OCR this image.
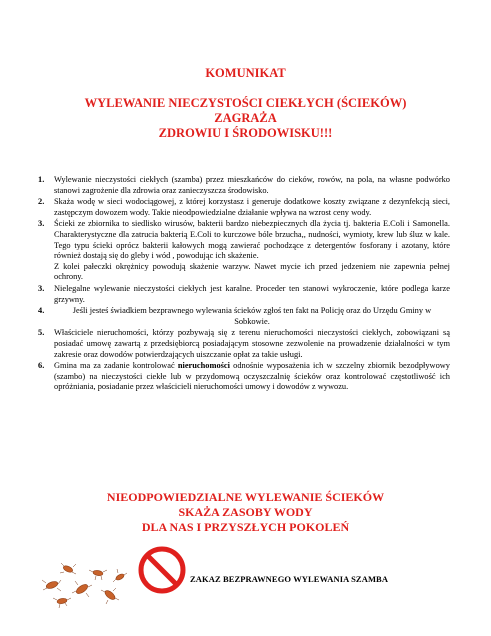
KOMUNIKAT
WYLEWANIE NIECZYSTOŚCI CIEKŁYCH (ŚCIEKÓW)
ZAGRAŻA
ZDROWIU I ŚRODOWISKU!!!
1. Wylewanie nieczystości ciekłych (szamba) przez mieszkańców do cieków, rowów, na pola, na własne podwórko stanowi zagrożenie dla zdrowia oraz zanieczyszcza środowisko.

2. Skaża wodę w sieci wodociągowej, z której korzystasz i generuje dodatkowe koszty związane z dezynfekcją sieci, zastępczym dowozem wody. Takie nieodpowiedzialne działanie wpływa na wzrost ceny wody.

3. Ścieki ze zbiornika to siedlisko wirusów, bakterii bardzo niebezpiecznych dla życia tj. bakteria E.Coli i Samonella. Charakterystyczne dla zatrucia bakterią E.Coli to kurczowe bóle brzucha,, nudności, wymioty, krew lub śluz w kale. Tego typu ścieki oprócz bakterii kałowych mogą zawierać pochodzące z detergentów fosforany i azotany, które również dostają się do gleby i wód , powodując ich skażenie.

Z kolei pałeczki okrężnicy powodują skażenie warzyw. Nawet mycie ich przed jedzeniem nie zapewnia pełnej ochrony.

3. Nielegalne wylewanie nieczystości ciekłych jest karalne. Proceder ten stanowi wykroczenie, które podlega karze grzywny.

4.	Jeśli jesteś świadkiem bezprawnego wylewania ścieków zgłoś ten fakt na Policję oraz do Urzędu Gminy w Sobkowie.

5. Właściciele nieruchomości, którzy pozbywają się z terenu nieruchomości nieczystości ciekłych, zobowiązani są posiadać umowę zawartą z przedsiębiorcą posiadającym stosowne zezwolenie na prowadzenie działalności w tym zakresie oraz dowodów potwierdzających uiszczanie opłat za takie usługi.

6. Gmina ma za zadanie kontrolować nieruchomości odnośnie wyposażenia ich w szczelny zbiornik bezodpływowy (szambo) na nieczystości ciekłe lub w przydomową oczyszczalnię ścieków oraz kontrolować częstotliwość ich opróżniania, posiadanie przez właścicieli nieruchomości umowy i dowodów z wywozu.

NIEODPOWIEDZIALNE WYLEWANIE ŚCIEKÓW
SKAŻA ZASOBY WODY
DLA NAS I PRZYSZŁYCH POKOLEŃ
ZAKAZ BEZPRAWNEGO WYLEWANIA SZAMBA
